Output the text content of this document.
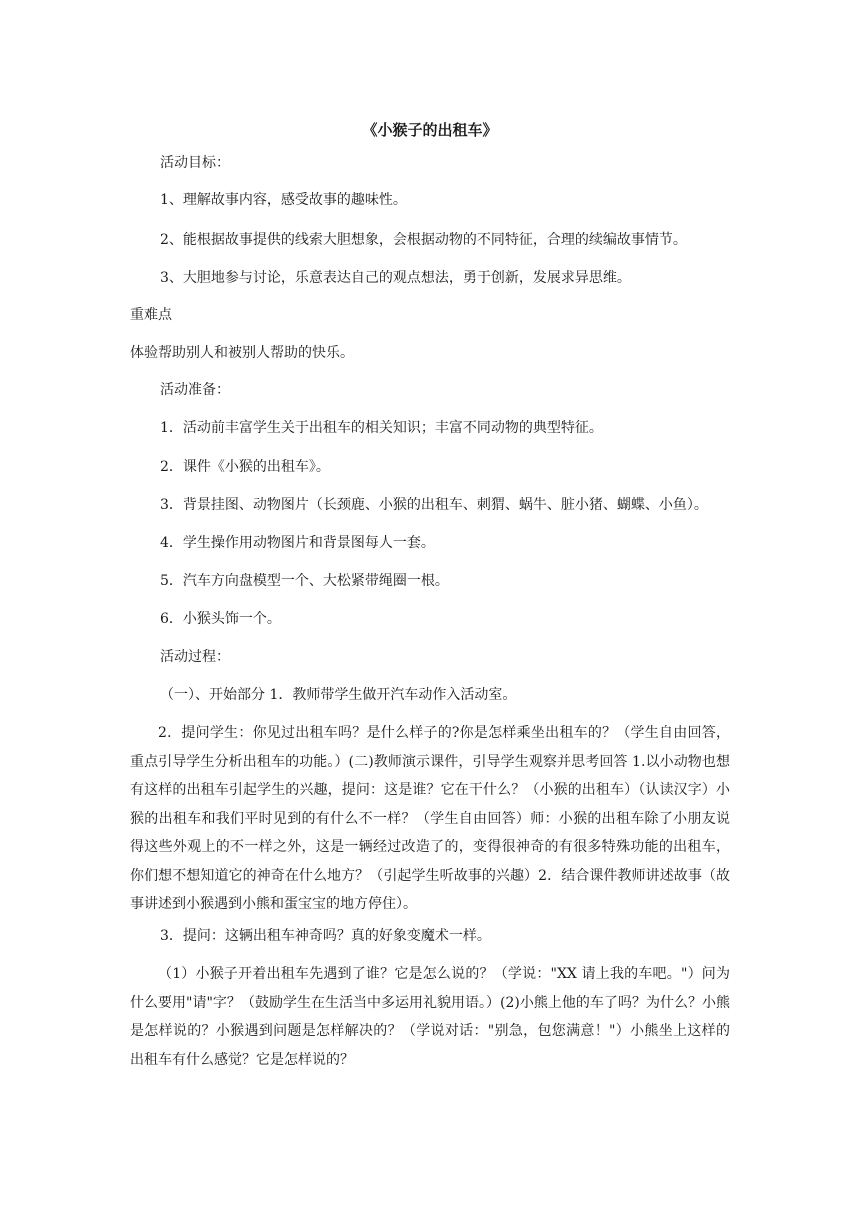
《小猴子的出租车》
活动目标：
1、理解故事内容，感受故事的趣味性。
2、能根据故事提供的线索大胆想象，会根据动物的不同特征，合理的续编故事情节。
3、大胆地参与讨论，乐意表达自己的观点想法，勇于创新，发展求异思维。
重难点
体验帮助别人和被别人帮助的快乐。
活动准备：
1．活动前丰富学生关于出租车的相关知识；丰富不同动物的典型特征。
2．课件《小猴的出租车》。
3．背景挂图、动物图片（长颈鹿、小猴的出租车、刺猬、蜗牛、脏小猪、蝴蝶、小鱼）。
4．学生操作用动物图片和背景图每人一套。
5．汽车方向盘模型一个、大松紧带绳圈一根。
6．小猴头饰一个。
活动过程：
（一）、开始部分 1．教师带学生做开汽车动作入活动室。
2．提问学生：你见过出租车吗？是什么样子的?你是怎样乘坐出租车的？（学生自由回答，重点引导学生分析出租车的功能。）(二)教师演示课件，引导学生观察并思考回答 1.以小动物也想有这样的出租车引起学生的兴趣，提问：这是谁？它在干什么？（小猴的出租车）（认读汉字）小猴的出租车和我们平时见到的有什么不一样？（学生自由回答）师：小猴的出租车除了小朋友说得这些外观上的不一样之外，这是一辆经过改造了的，变得很神奇的有很多特殊功能的出租车，你们想不想知道它的神奇在什么地方？（引起学生听故事的兴趣）2．结合课件教师讲述故事（故事讲述到小猴遇到小熊和蛋宝宝的地方停住）。
3．提问：这辆出租车神奇吗？真的好象变魔术一样。
（1）小猴子开着出租车先遇到了谁？它是怎么说的？（学说："XX 请上我的车吧。"）问为什么要用"请"字？（鼓励学生在生活当中多运用礼貌用语。）(2)小熊上他的车了吗？为什么？小熊是怎样说的？小猴遇到问题是怎样解决的？（学说对话："别急，包您满意！"）小熊坐上这样的出租车有什么感觉？它是怎样说的？
